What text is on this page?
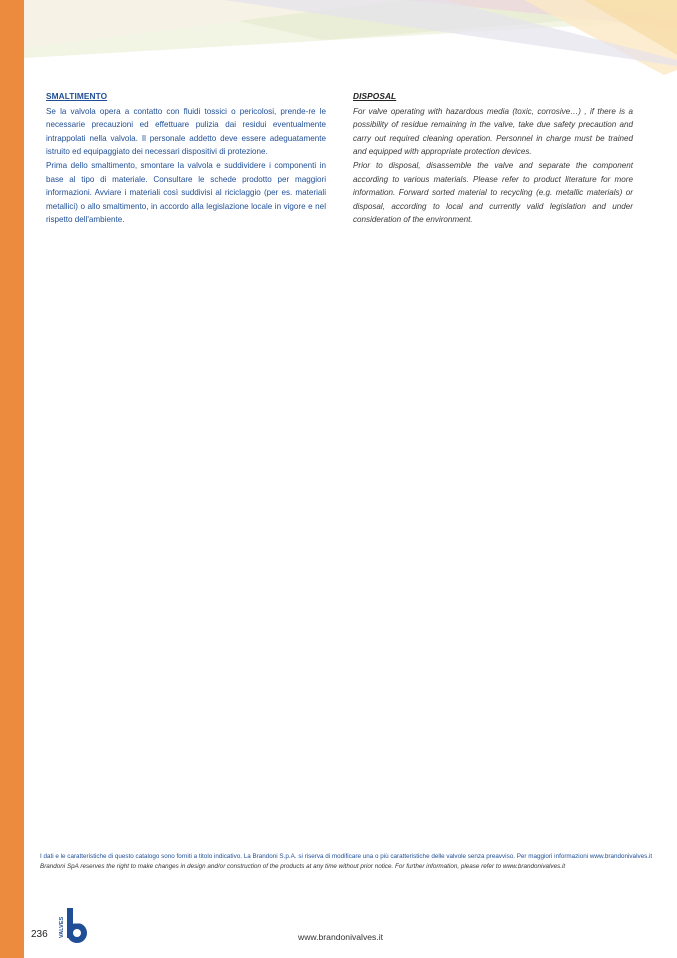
SMALTIMENTO

Se la valvola opera a contatto con fluidi tossici o pericolosi, prende-re le necessarie precauzioni ed effettuare pulizia dai residui eventualmente intrappolati nella valvola. Il personale addetto deve essere adeguatamente istruito ed equipaggiato dei necessari dispositivi di protezione.

Prima dello smaltimento, smontare la valvola e suddividere i componenti in base al tipo di materiale. Consultare le schede prodotto per maggiori informazioni. Avviare i materiali così suddivisi al riciclaggio (per es. materiali metallici) o allo smaltimento, in accordo alla legislazione locale in vigore e nel rispetto dell'ambiente.

DISPOSAL

For valve operating with hazardous media (toxic, corrosive…) , if there is a possibility of residue remaining in the valve, take due safety precaution and carry out required cleaning operation. Personnel in charge must be trained and equipped with appropriate protection devices.

Prior to disposal, disassemble the valve and separate the component according to various materials. Please refer to product literature for more information. Forward sorted material to recycling (e.g. metallic materials) or disposal, according to local and currently valid legislation and under consideration of the environment.

I dati e le caratteristiche di questo catalogo sono forniti a titolo indicativo. La Brandoni S.p.A. si riserva di modificare una o più caratteristiche delle valvole senza preavviso. Per maggiori informazioni www.brandonivalves.it
Brandoni SpA reserves the right to make changes in design and/or construction of the products at any time without prior notice. For further information, please refer to www.brandonivalves.it
236 VALVES	www.brandonivalves.it
